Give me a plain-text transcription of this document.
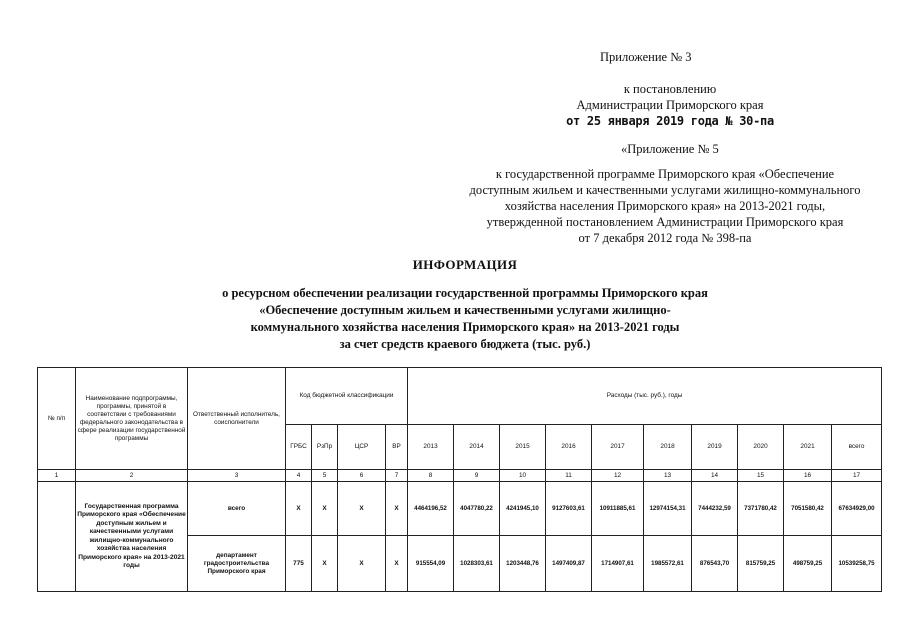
Приложение № 3
к постановлению
Администрации Приморского края
от 25 января 2019 года № 30-па
«Приложение № 5
к государственной программе Приморского края «Обеспечение
доступным жильем и качественными услугами жилищно-коммунального
хозяйства населения Приморского края» на 2013-2021 годы,
утвержденной постановлением Администрации Приморского края
от 7 декабря 2012 года № 398-па
ИНФОРМАЦИЯ
о ресурсном обеспечении реализации государственной программы Приморского края
«Обеспечение доступным жильем и качественными услугами жилищно-
коммунального хозяйства населения Приморского края» на 2013-2021 годы
за счет средств краевого бюджета (тыс. руб.)
№ п/п	Наименование подпрограммы, программы, принятой в соответствии с требованиями федерального законодательства в сфере реализации государственной программы	Ответственный исполнитель, соисполнители	Код бюджетной классификации				Расходы (тыс. руб.), годы									
			ГРБС	РзПр	ЦСР	ВР	2013	2014	2015	2016	2017	2018	2019	2020	2021	всего
1	2	3	4	5	6	7	8	9	10	11	12	13	14	15	16	17
	Государственная программа Приморского края «Обеспечение доступным жильем и качественными услугами жилищно-коммунального хозяйства населения Приморского края» на 2013-2021 годы	всего	X	X	X	X	4464196,52	4047780,22	4241945,10	9127603,61	10911885,61	12974154,31	7444232,59	7371780,42	7051580,42	67634929,00
		департамент градостроительства Приморского края	775	X	X	X	915554,09	1028303,61	1203448,76	1497409,87	1714907,61	1985572,61	876543,70	815759,25	498759,25	10539258,75
